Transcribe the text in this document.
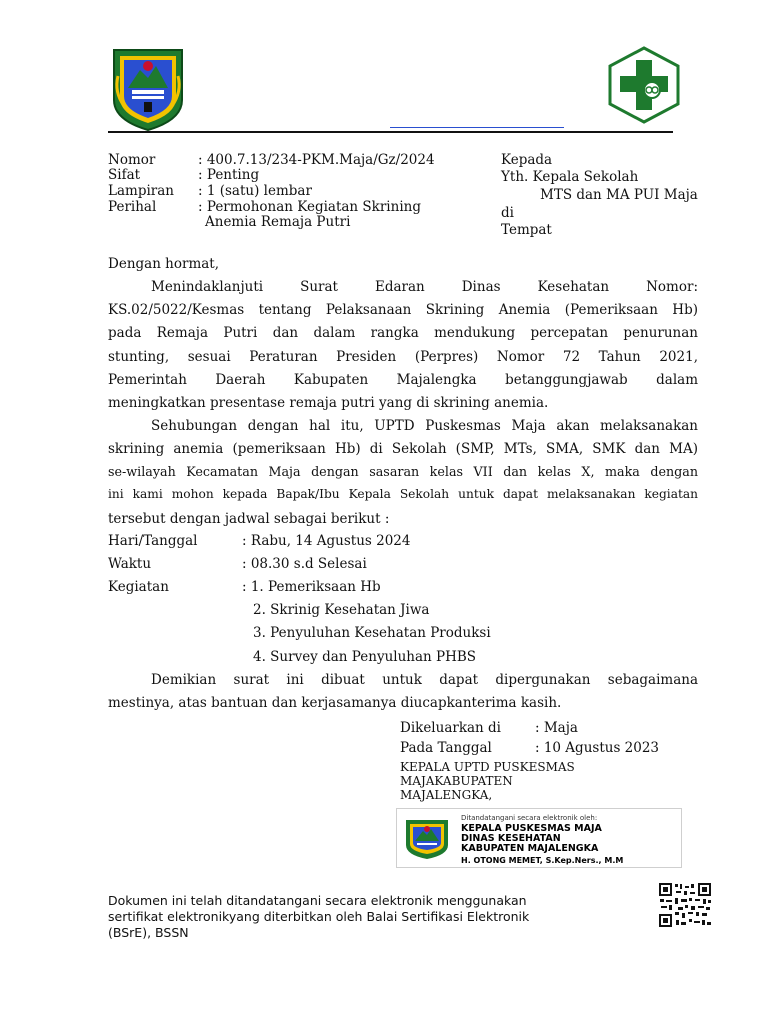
Nomor	: 400.7.13/234-PKM.Maja/Gz/2024
Sifat	: Penting
Lampiran : 1 (satu) lembar
Perihal	: Permohonan Kegiatan Skrining
Anemia Remaja Putri
Kepada
Yth. Kepala Sekolah
MTS dan MA PUI Maja
di
Tempat
Dengan hormat,
Menindaklanjuti Surat Edaran Dinas Kesehatan Nomor:
KS.02/5022/Kesmas tentang Pelaksanaan Skrining Anemia (Pemeriksaan Hb)
pada Remaja Putri dan dalam rangka mendukung percepatan penurunan
stunting, sesuai Peraturan Presiden (Perpres) Nomor 72 Tahun 2021,
Pemerintah Daerah Kabupaten Majalengka betanggungjawab dalam
meningkatkan presentase remaja putri yang di skrining anemia.
Sehubungan dengan hal itu, UPTD Puskesmas Maja akan melaksanakan
skrining anemia (pemeriksaan Hb) di Sekolah (SMP, MTs, SMA, SMK dan MA)
se-wilayah Kecamatan Maja dengan sasaran kelas VII dan kelas X, maka dengan
ini kami mohon kepada Bapak/Ibu Kepala Sekolah untuk dapat melaksanakan kegiatan
tersebut dengan jadwal sebagai berikut :
Hari/Tanggal	: Rabu, 14 Agustus 2024
Waktu	: 08.30 s.d Selesai
Kegiatan	: 1. Pemeriksaan Hb
2. Skrinig Kesehatan Jiwa
3. Penyuluhan Kesehatan Produksi
4. Survey dan Penyuluhan PHBS
Demikian surat ini dibuat untuk dapat dipergunakan sebagaimana
mestinya, atas bantuan dan kerjasamanya diucapkanterima kasih.
Dikeluarkan di	: Maja
Pada Tanggal	: 10 Agustus 2023
KEPALA UPTD PUSKESMAS
MAJAKABUPATEN
MAJALENGKA,
Ditandatangani secara elektronik oleh:
KEPALA PUSKESMAS MAJA
DINAS KESEHATAN
KABUPATEN MAJALENGKA
H. OTONG MEMET, S.Kep.Ners., M.M
Dokumen ini telah ditandatangani secara elektronik menggunakan
sertifikat elektronikyang diterbitkan oleh Balai Sertifikasi Elektronik
(BSrE), BSSN
